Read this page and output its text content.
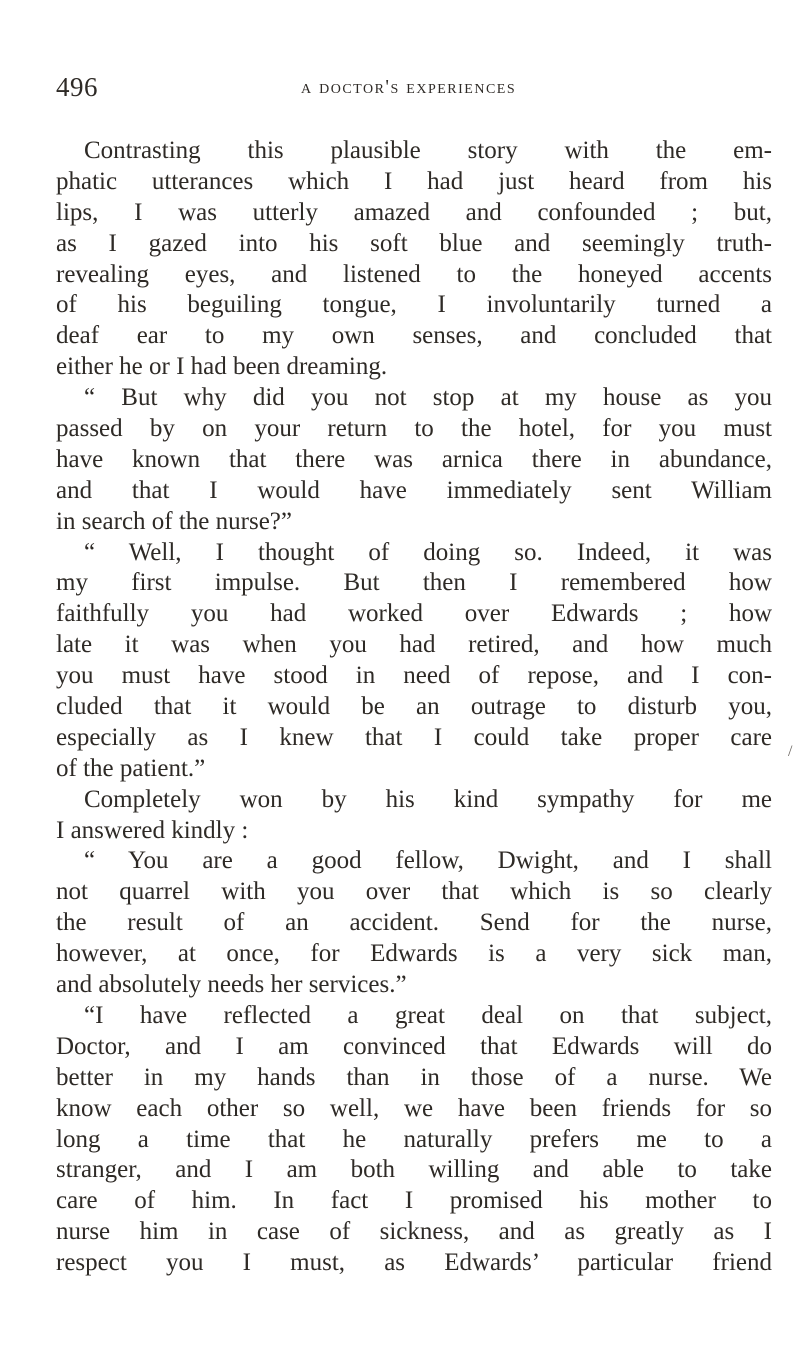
496	a doctor's experiences
Contrasting this plausible story with the em-
phatic utterances which I had just heard from his
lips, I was utterly amazed and confounded ; but,
as I gazed into his soft blue and seemingly truth-
revealing eyes, and listened to the honeyed accents
of his beguiling tongue, I involuntarily turned a
deaf ear to my own senses, and concluded that
either he or I had been dreaming.
“ But why did you not stop at my house as you
passed by on your return to the hotel, for you must
have known that there was arnica there in abundance,
and that I would have immediately sent William
in search of the nurse?”
“ Well, I thought of doing so. Indeed, it was
my first impulse. But then I remembered how
faithfully you had worked over Edwards ; how
late it was when you had retired, and how much
you must have stood in need of repose, and I con-
cluded that it would be an outrage to disturb you,
especially as I knew that I could take proper care
of the patient.”
Completely won by his kind sympathy for me
I answered kindly :
“ You are a good fellow, Dwight, and I shall
not quarrel with you over that which is so clearly
the result of an accident. Send for the nurse,
however, at once, for Edwards is a very sick man,
and absolutely needs her services.”
“I have reflected a great deal on that subject,
Doctor, and I am convinced that Edwards will do
better in my hands than in those of a nurse. We
know each other so well, we have been friends for so
long a time that he naturally prefers me to a
stranger, and I am both willing and able to take
care of him. In fact I promised his mother to
nurse him in case of sickness, and as greatly as I
respect you I must, as Edwards’ particular friend
/
